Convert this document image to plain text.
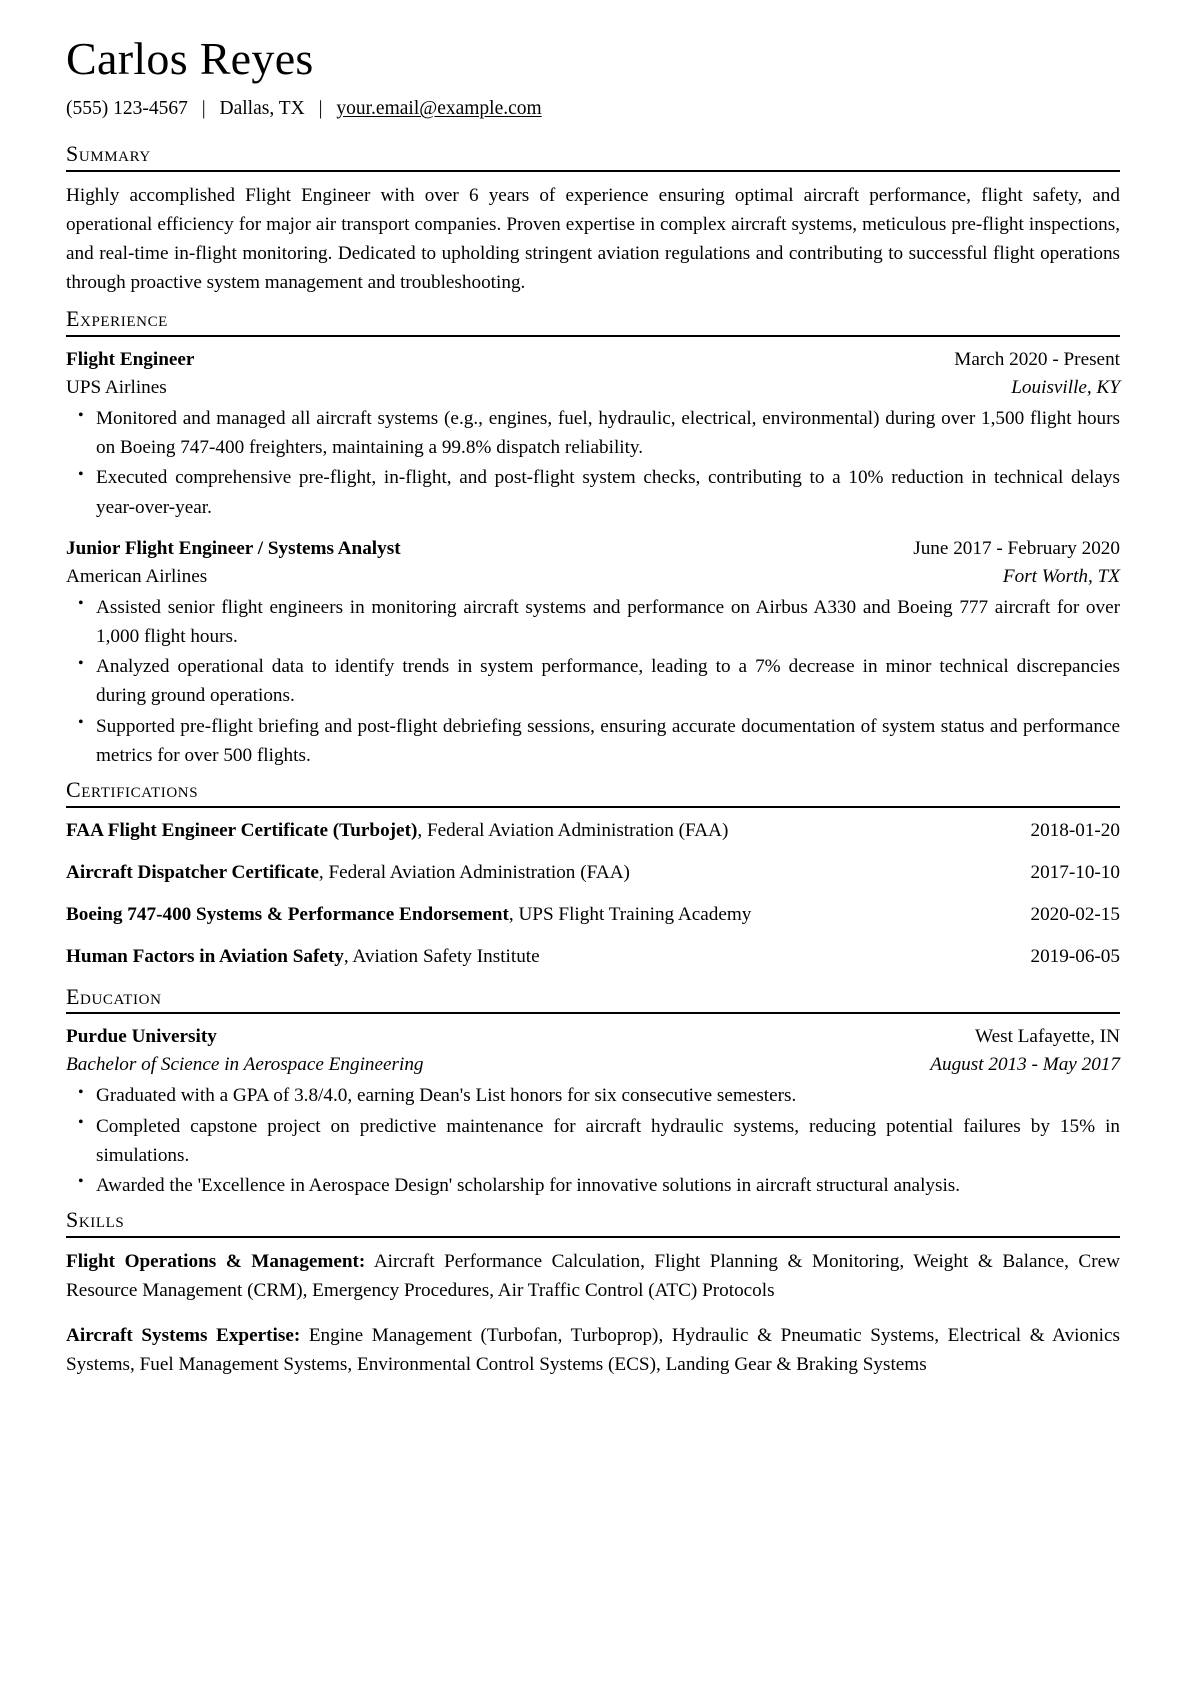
Carlos Reyes
(555) 123-4567 | Dallas, TX | your.email@example.com
Summary

Highly accomplished Flight Engineer with over 6 years of experience ensuring optimal aircraft performance, flight safety, and operational efficiency for major air transport companies. Proven expertise in complex aircraft systems, meticulous pre-flight inspections, and real-time in-flight monitoring. Dedicated to upholding stringent aviation regulations and contributing to successful flight operations through proactive system management and troubleshooting.

Experience
Flight Engineer	March 2020 - Present
UPS Airlines	Louisville, KY
• Monitored and managed all aircraft systems (e.g., engines, fuel, hydraulic, electrical, environmental) during over 1,500 flight hours on Boeing 747-400 freighters, maintaining a 99.8% dispatch reliability.
• Executed comprehensive pre-flight, in-flight, and post-flight system checks, contributing to a 10% reduction in technical delays year-over-year.
Junior Flight Engineer / Systems Analyst	June 2017 - February 2020
American Airlines	Fort Worth, TX
• Assisted senior flight engineers in monitoring aircraft systems and performance on Airbus A330 and Boeing 777 aircraft for over 1,000 flight hours.
• Analyzed operational data to identify trends in system performance, leading to a 7% decrease in minor technical discrepancies during ground operations.
• Supported pre-flight briefing and post-flight debriefing sessions, ensuring accurate documentation of system status and performance metrics for over 500 flights.
Certifications
FAA Flight Engineer Certificate (Turbojet), Federal Aviation Administration (FAA)	2018-01-20
Aircraft Dispatcher Certificate, Federal Aviation Administration (FAA)	2017-10-10
Boeing 747-400 Systems & Performance Endorsement, UPS Flight Training Academy	2020-02-15
Human Factors in Aviation Safety, Aviation Safety Institute	2019-06-05
Education
Purdue University	West Lafayette, IN
Bachelor of Science in Aerospace Engineering	August 2013 - May 2017
• Graduated with a GPA of 3.8/4.0, earning Dean's List honors for six consecutive semesters.
• Completed capstone project on predictive maintenance for aircraft hydraulic systems, reducing potential failures by 15% in simulations.
• Awarded the 'Excellence in Aerospace Design' scholarship for innovative solutions in aircraft structural analysis.
Skills

Flight Operations & Management: Aircraft Performance Calculation, Flight Planning & Monitoring, Weight & Balance, Crew Resource Management (CRM), Emergency Procedures, Air Traffic Control (ATC) Protocols

Aircraft Systems Expertise: Engine Management (Turbofan, Turboprop), Hydraulic & Pneumatic Systems, Electrical & Avionics Systems, Fuel Management Systems, Environmental Control Systems (ECS), Landing Gear & Braking Systems
